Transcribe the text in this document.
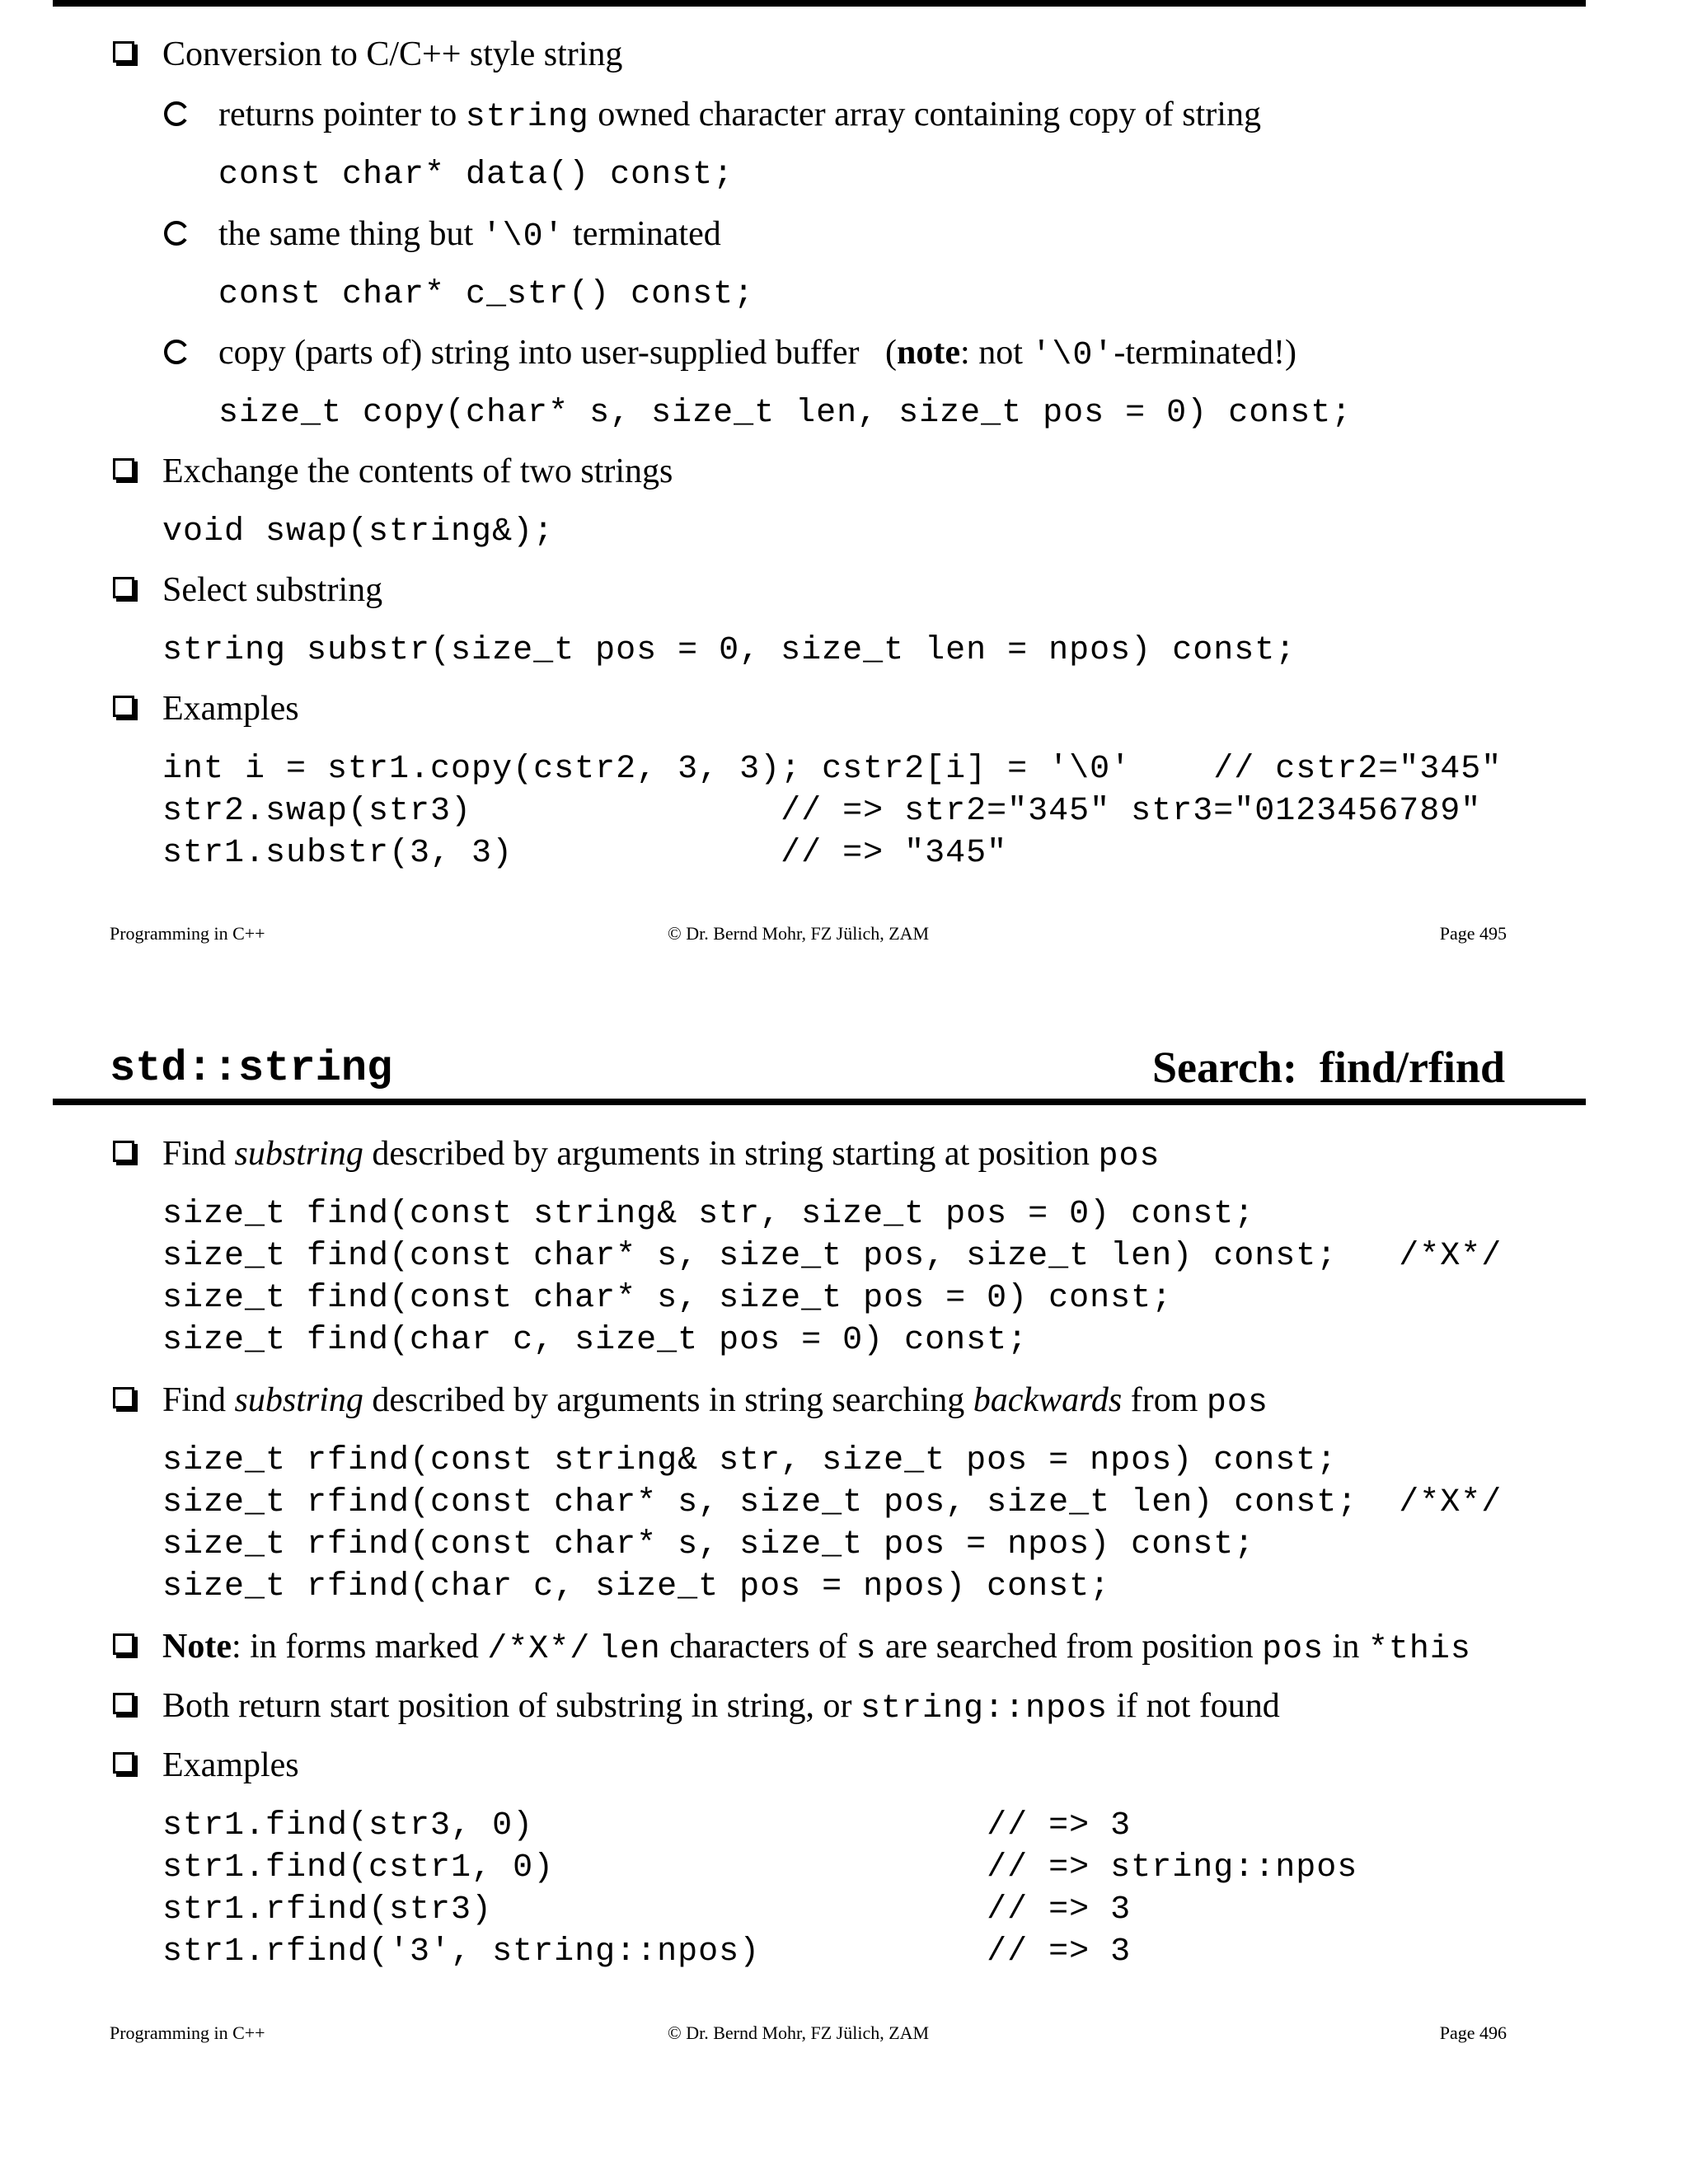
Conversion to C/C++ style string
returns pointer to string owned character array containing copy of string
const char* data() const;
the same thing but '\0' terminated
const char* c_str() const;
copy (parts of) string into user-supplied buffer   (note: not '\0'-terminated!)
size_t copy(char* s, size_t len, size_t pos = 0) const;
Exchange the contents of two strings
void swap(string&);
Select substring
string substr(size_t pos = 0, size_t len = npos) const;
Examples
int i = str1.copy(cstr2, 3, 3); cstr2[i] = '\0'    // cstr2="345"
str2.swap(str3)               // => str2="345" str3="0123456789"
str1.substr(3, 3)             // => "345"
Programming in C++	© Dr. Bernd Mohr, FZ Jülich, ZAM	Page 495
std::string	Search:  find/rfind
Find substring described by arguments in string starting at position pos
size_t find(const string& str, size_t pos = 0) const;
size_t find(const char* s, size_t pos, size_t len) const;   /*X*/
size_t find(const char* s, size_t pos = 0) const;
size_t find(char c, size_t pos = 0) const;
Find substring described by arguments in string searching backwards from pos
size_t rfind(const string& str, size_t pos = npos) const;
size_t rfind(const char* s, size_t pos, size_t len) const;  /*X*/
size_t rfind(const char* s, size_t pos = npos) const;
size_t rfind(char c, size_t pos = npos) const;
Note: in forms marked /*X*/ len characters of s are searched from position pos in *this
Both return start position of substring in string, or string::npos if not found
Examples
str1.find(str3, 0)                      // => 3
str1.find(cstr1, 0)                     // => string::npos
str1.rfind(str3)                        // => 3
str1.rfind('3', string::npos)           // => 3
Programming in C++	© Dr. Bernd Mohr, FZ Jülich, ZAM	Page 496
